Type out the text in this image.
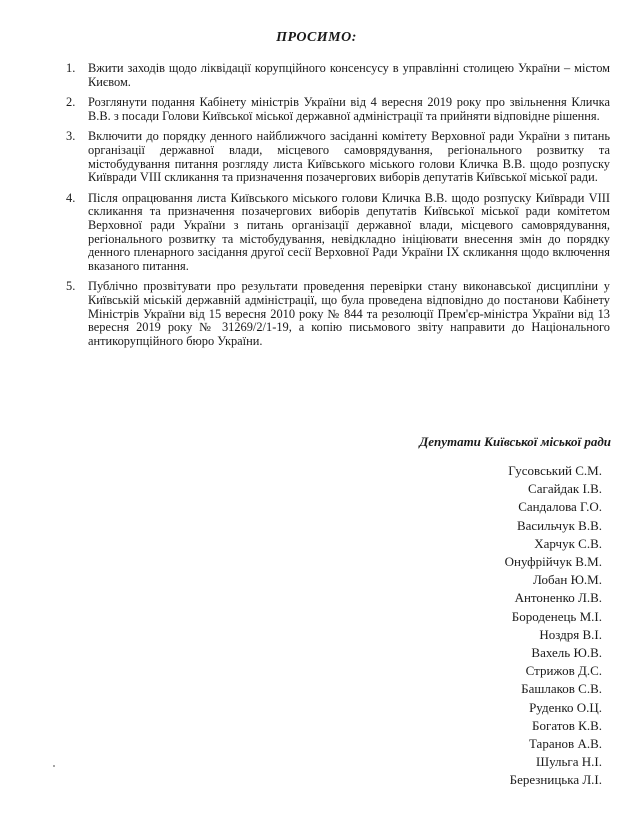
ПРОСИМО:
1. Вжити заходів щодо ліквідації корупційного консенсусу в управлінні столицею України – містом Києвом.
2. Розглянути подання Кабінету міністрів України від 4 вересня 2019 року про звільнення Кличка В.В. з посади Голови Київської міської державної адміністрації та прийняти відповідне рішення.
3. Включити до порядку денного найближчого засіданні комітету Верховної ради України з питань організації державної влади, місцевого самоврядування, регіонального розвитку та містобудування питання розгляду листа Київського міського голови Кличка В.В. щодо розпуску Київради VIII скликання та призначення позачергових виборів депутатів Київської міської ради.
4. Після опрацювання листа Київського міського голови Кличка В.В. щодо розпуску Київради VIII скликання та призначення позачергових виборів депутатів Київської міської ради комітетом Верховної ради України з питань організації державної влади, місцевого самоврядування, регіонального розвитку та містобудування, невідкладно ініціювати внесення змін до порядку денного пленарного засідання другої сесії Верховної Ради України IX скликання щодо включення вказаного питання.
5. Публічно прозвітувати про результати проведення перевірки стану виконавської дисципліни у Київській міській державній адміністрації, що була проведена відповідно до постанови Кабінету Міністрів України від 15 вересня 2010 року № 844 та резолюції Прем'єр-міністра України від 13 вересня 2019 року № 31269/2/1-19, а копію письмового звіту направити до Національного антикорупційного бюро України.
Депутати Київської міської ради
Гусовський С.М.
Сагайдак І.В.
Сандалова Г.О.
Васильчук В.В.
Харчук С.В.
Онуфрійчук В.М.
Лобан Ю.М.
Антоненко Л.В.
Бороденець М.І.
Ноздря В.І.
Вахель Ю.В.
Стрижов Д.С.
Башлаков С.В.
Руденко О.Ц.
Богатов К.В.
Таранов А.В.
Шульга Н.І.
Березницька Л.І.
